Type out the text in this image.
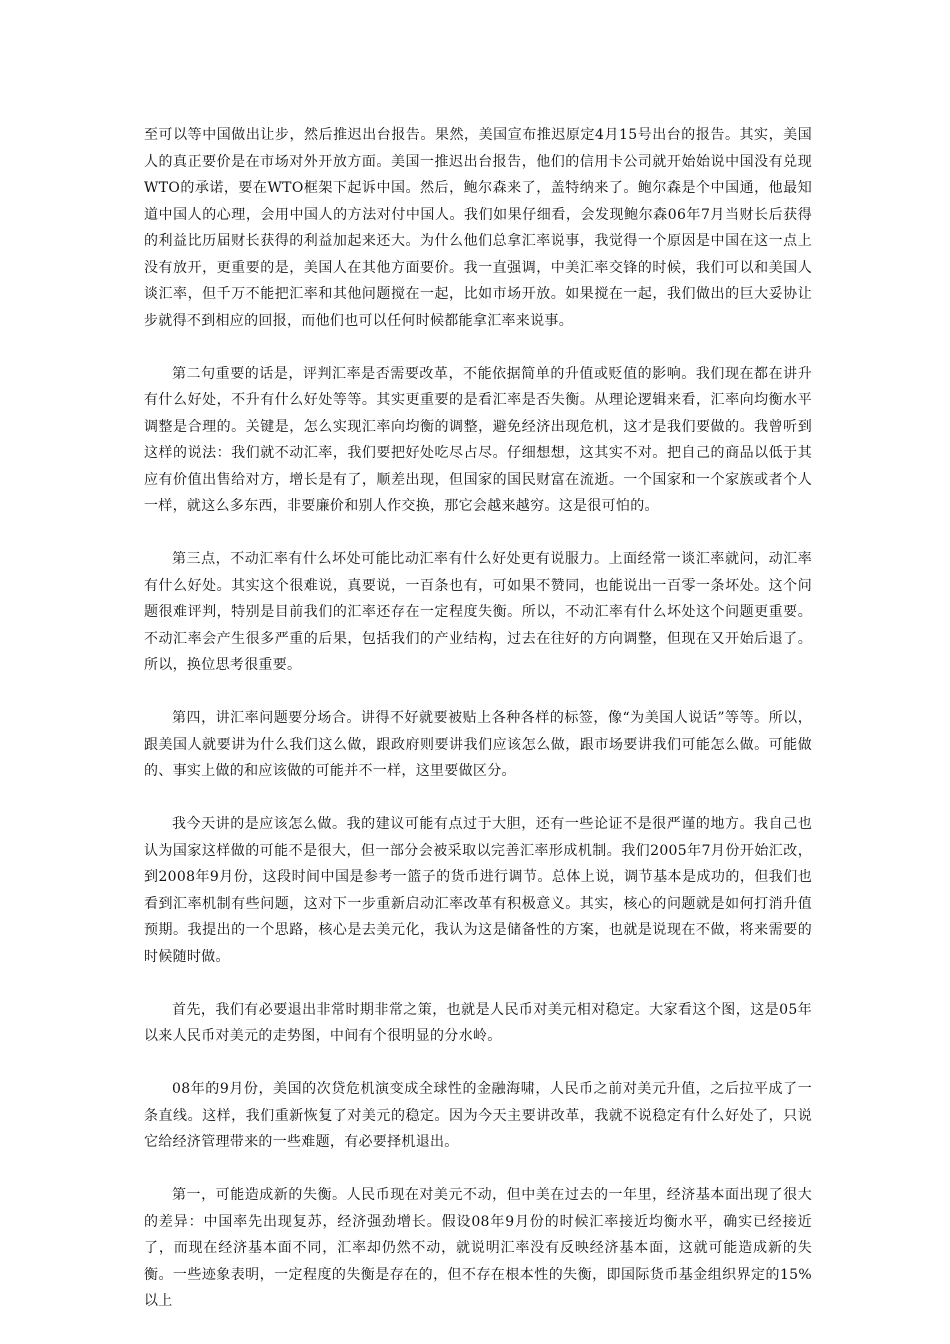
至可以等中国做出让步，然后推迟出台报告。果然，美国宣布推迟原定4月15号出台的报告。其实，美国人的真正要价是在市场对外开放方面。美国一推迟出台报告，他们的信用卡公司就开始始说中国没有兑现WTO的承诺，要在WTO框架下起诉中国。然后，鲍尔森来了，盖特纳来了。鲍尔森是个中国通，他最知道中国人的心理，会用中国人的方法对付中国人。我们如果仔细看，会发现鲍尔森06年7月当财长后获得的利益比历届财长获得的利益加起来还大。为什么他们总拿汇率说事，我觉得一个原因是中国在这一点上没有放开，更重要的是，美国人在其他方面要价。我一直强调，中美汇率交锋的时候，我们可以和美国人谈汇率，但千万不能把汇率和其他问题搅在一起，比如市场开放。如果搅在一起，我们做出的巨大妥协让步就得不到相应的回报，而他们也可以任何时候都能拿汇率来说事。

第二句重要的话是，评判汇率是否需要改革，不能依据简单的升值或贬值的影响。我们现在都在讲升有什么好处，不升有什么好处等等。其实更重要的是看汇率是否失衡。从理论逻辑来看，汇率向均衡水平调整是合理的。关键是，怎么实现汇率向均衡的调整，避免经济出现危机，这才是我们要做的。我曾听到这样的说法：我们就不动汇率，我们要把好处吃尽占尽。仔细想想，这其实不对。把自己的商品以低于其应有价值出售给对方，增长是有了，顺差出现，但国家的国民财富在流逝。一个国家和一个家族或者个人一样，就这么多东西，非要廉价和别人作交换，那它会越来越穷。这是很可怕的。

第三点，不动汇率有什么坏处可能比动汇率有什么好处更有说服力。上面经常一谈汇率就问，动汇率有什么好处。其实这个很难说，真要说，一百条也有，可如果不赞同，也能说出一百零一条坏处。这个问题很难评判，特别是目前我们的汇率还存在一定程度失衡。所以，不动汇率有什么坏处这个问题更重要。不动汇率会产生很多严重的后果，包括我们的产业结构，过去在往好的方向调整，但现在又开始后退了。所以，换位思考很重要。

第四，讲汇率问题要分场合。讲得不好就要被贴上各种各样的标签，像“为美国人说话”等等。所以，跟美国人就要讲为什么我们这么做，跟政府则要讲我们应该怎么做，跟市场要讲我们可能怎么做。可能做的、事实上做的和应该做的可能并不一样，这里要做区分。

我今天讲的是应该怎么做。我的建议可能有点过于大胆，还有一些论证不是很严谨的地方。我自己也认为国家这样做的可能不是很大，但一部分会被采取以完善汇率形成机制。我们2005年7月份开始汇改，到2008年9月份，这段时间中国是参考一篮子的货币进行调节。总体上说，调节基本是成功的，但我们也看到汇率机制有些问题，这对下一步重新启动汇率改革有积极意义。其实，核心的问题就是如何打消升值预期。我提出的一个思路，核心是去美元化，我认为这是储备性的方案，也就是说现在不做，将来需要的时候随时做。

首先，我们有必要退出非常时期非常之策，也就是人民币对美元相对稳定。大家看这个图，这是05年以来人民币对美元的走势图，中间有个很明显的分水岭。

08年的9月份，美国的次贷危机演变成全球性的金融海啸，人民币之前对美元升值，之后拉平成了一条直线。这样，我们重新恢复了对美元的稳定。因为今天主要讲改革，我就不说稳定有什么好处了，只说它给经济管理带来的一些难题，有必要择机退出。

第一，可能造成新的失衡。人民币现在对美元不动，但中美在过去的一年里，经济基本面出现了很大的差异：中国率先出现复苏，经济强劲增长。假设08年9月份的时候汇率接近均衡水平，确实已经接近了，而现在经济基本面不同，汇率却仍然不动，就说明汇率没有反映经济基本面，这就可能造成新的失衡。一些迹象表明，一定程度的失衡是存在的，但不存在根本性的失衡，即国际货币基金组织界定的15%以上
